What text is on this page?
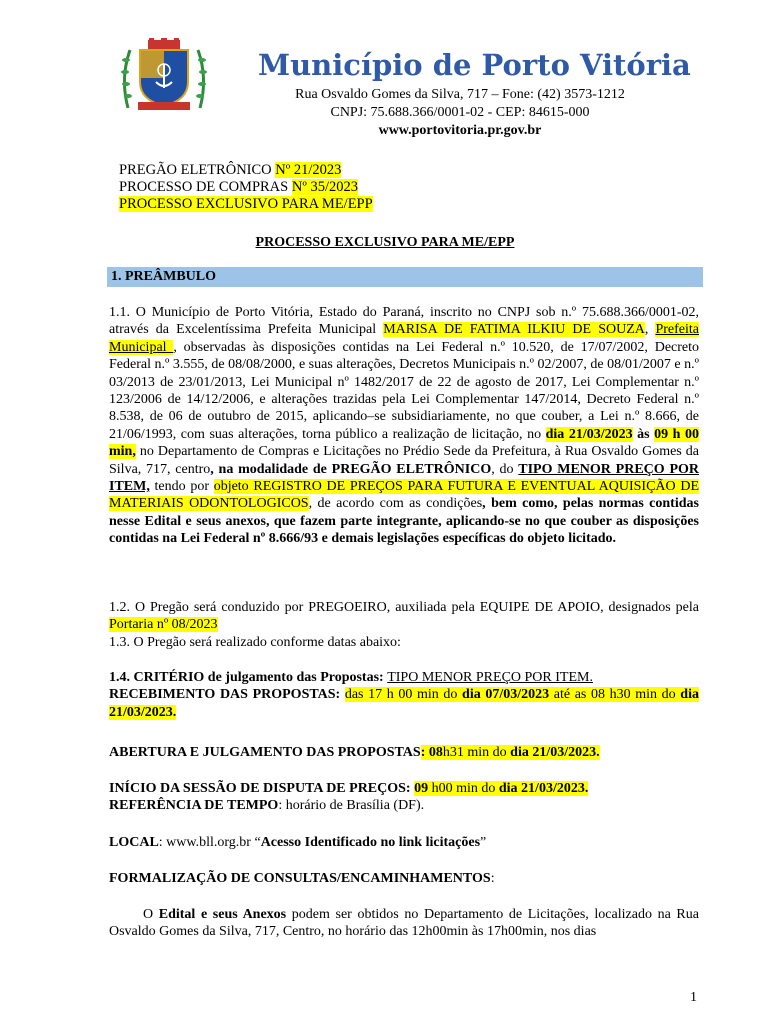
Município de Porto Vitória
Rua Osvaldo Gomes da Silva, 717 – Fone: (42) 3573-1212
CNPJ: 75.688.366/0001-02 - CEP: 84615-000
www.portovitoria.pr.gov.br
PREGÃO ELETRÔNICO Nº 21/2023
PROCESSO DE COMPRAS Nº 35/2023
PROCESSO EXCLUSIVO PARA ME/EPP
PROCESSO EXCLUSIVO PARA ME/EPP
1. PREÂMBULO

1.1. O Município de Porto Vitória, Estado do Paraná, inscrito no CNPJ sob n.º 75.688.366/0001-02, através da Excelentíssima Prefeita Municipal MARISA DE FATIMA ILKIU DE SOUZA, Prefeita Municipal , observadas às disposições contidas na Lei Federal n.º 10.520, de 17/07/2002, Decreto Federal n.º 3.555, de 08/08/2000, e suas alterações, Decretos Municipais n.º 02/2007, de 08/01/2007 e n.º 03/2013 de 23/01/2013, Lei Municipal nº 1482/2017 de 22 de agosto de 2017, Lei Complementar n.º 123/2006 de 14/12/2006, e alterações trazidas pela Lei Complementar 147/2014, Decreto Federal n.º 8.538, de 06 de outubro de 2015, aplicando–se subsidiariamente, no que couber, a Lei n.º 8.666, de 21/06/1993, com suas alterações, torna público a realização de licitação, no dia 21/03/2023 às 09 h 00 min, no Departamento de Compras e Licitações no Prédio Sede da Prefeitura, à Rua Osvaldo Gomes da Silva, 717, centro, na modalidade de PREGÃO ELETRÔNICO, do TIPO MENOR PREÇO POR ITEM, tendo por objeto REGISTRO DE PREÇOS PARA FUTURA E EVENTUAL AQUISIÇÃO DE MATERIAIS ODONTOLOGICOS, de acordo com as condições, bem como, pelas normas contidas nesse Edital e seus anexos, que fazem parte integrante, aplicando-se no que couber as disposições contidas na Lei Federal nº 8.666/93 e demais legislações específicas do objeto licitado.

1.2. O Pregão será conduzido por PREGOEIRO, auxiliada pela EQUIPE DE APOIO, designados pela Portaria nº 08/2023

1.3. O Pregão será realizado conforme datas abaixo:

1.4. CRITÉRIO de julgamento das Propostas: TIPO MENOR PREÇO POR ITEM.
RECEBIMENTO DAS PROPOSTAS: das 17 h 00 min do dia 07/03/2023 até as 08 h30 min do dia 21/03/2023.

ABERTURA E JULGAMENTO DAS PROPOSTAS: 08h31 min do dia 21/03/2023.

INÍCIO DA SESSÃO DE DISPUTA DE PREÇOS: 09 h00 min do dia 21/03/2023.
REFERÊNCIA DE TEMPO: horário de Brasília (DF).

LOCAL: www.bll.org.br “Acesso Identificado no link licitações”

FORMALIZAÇÃO DE CONSULTAS/ENCAMINHAMENTOS:

O Edital e seus Anexos podem ser obtidos no Departamento de Licitações, localizado na Rua Osvaldo Gomes da Silva, 717, Centro, no horário das 12h00min às 17h00min, nos dias

1
